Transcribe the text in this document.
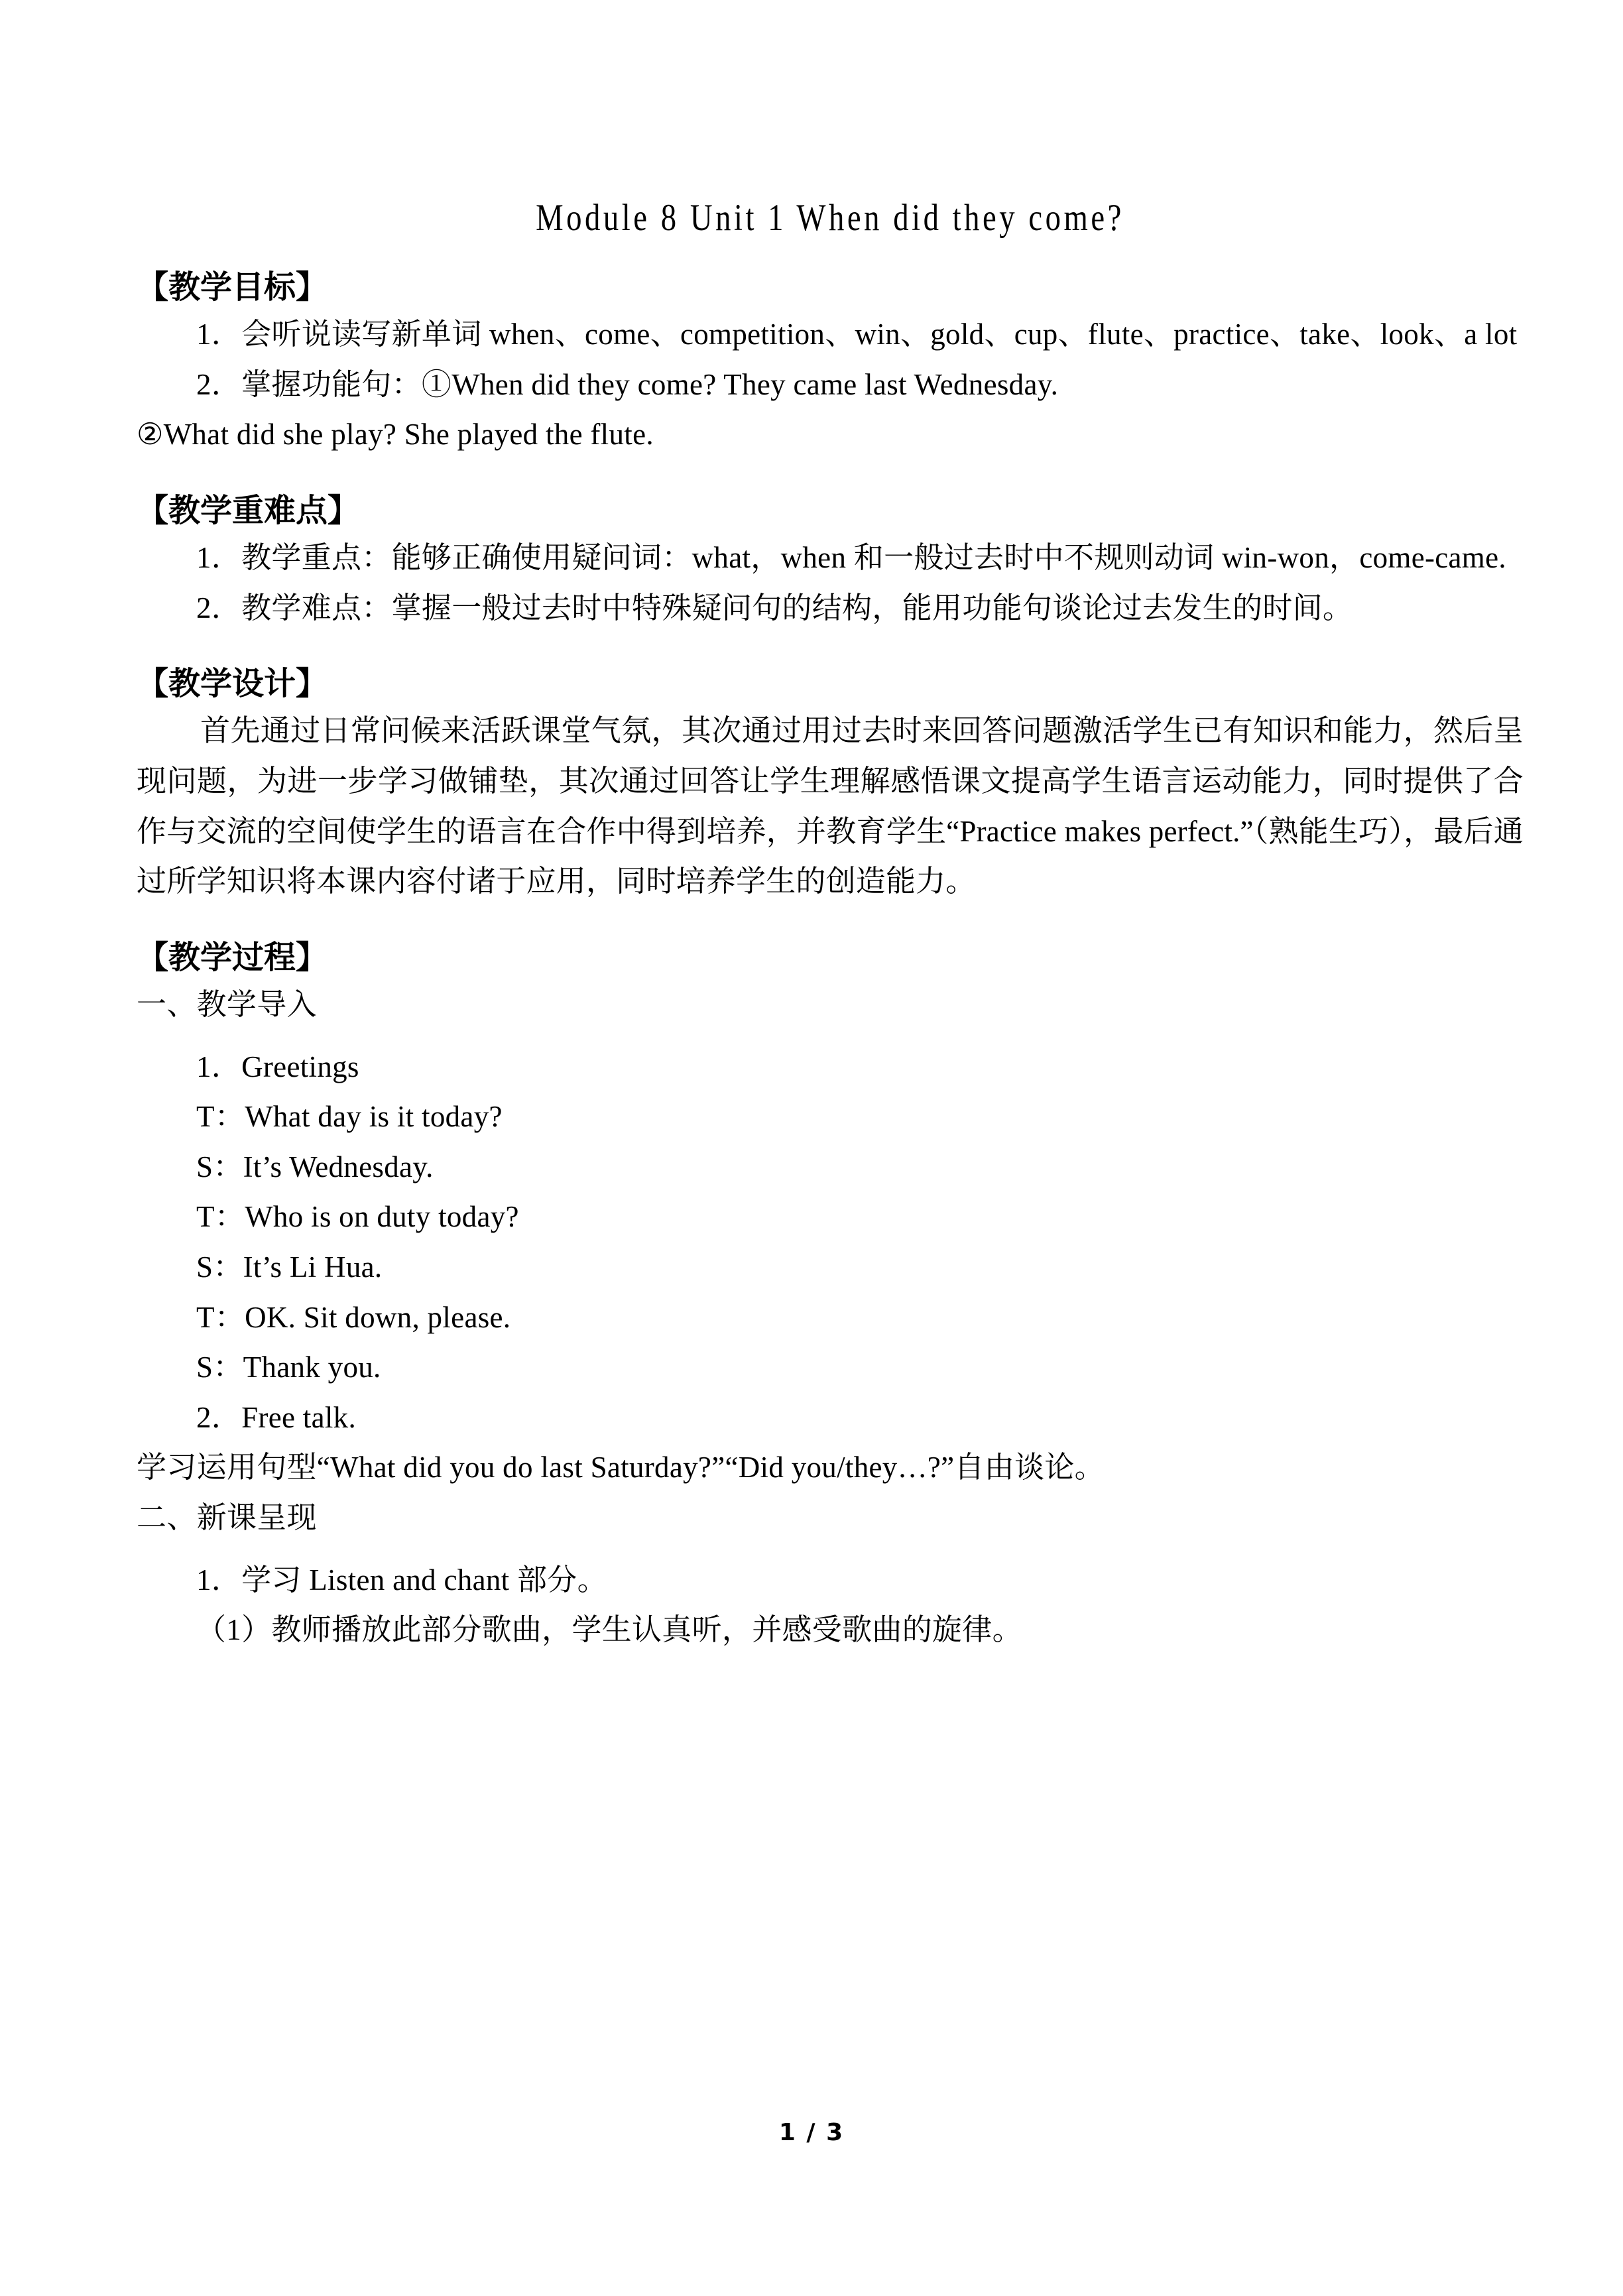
Module 8 Unit 1 When did they come?
【教学目标】

1．会听说读写新单词 when、come、competition、win、gold、cup、flute、practice、take、look、a lot

2．掌握功能句：①When did they come? They came last Wednesday.

②What did she play? She played the flute.

【教学重难点】

1．教学重点：能够正确使用疑问词：what，when 和一般过去时中不规则动词 win-won，come-came.

2．教学难点：掌握一般过去时中特殊疑问句的结构，能用功能句谈论过去发生的时间。

【教学设计】

首先通过日常问候来活跃课堂气氛，其次通过用过去时来回答问题激活学生已有知识和能力，然后呈现问题，为进一步学习做铺垫，其次通过回答让学生理解感悟课文提高学生语言运动能力，同时提供了合作与交流的空间使学生的语言在合作中得到培养，并教育学生“Practice makes perfect.”（熟能生巧），最后通过所学知识将本课内容付诸于应用，同时培养学生的创造能力。

【教学过程】

一、教学导入

1．Greetings

T：What day is it today?

S：It’s Wednesday.

T：Who is on duty today?

S：It’s Li Hua.

T：OK. Sit down, please.

S：Thank you.

2．Free talk.

学习运用句型“What did you do last Saturday?”“Did you/they…?”自由谈论。

二、新课呈现

1．学习 Listen and chant 部分。

（1）教师播放此部分歌曲，学生认真听，并感受歌曲的旋律。

1 / 3
